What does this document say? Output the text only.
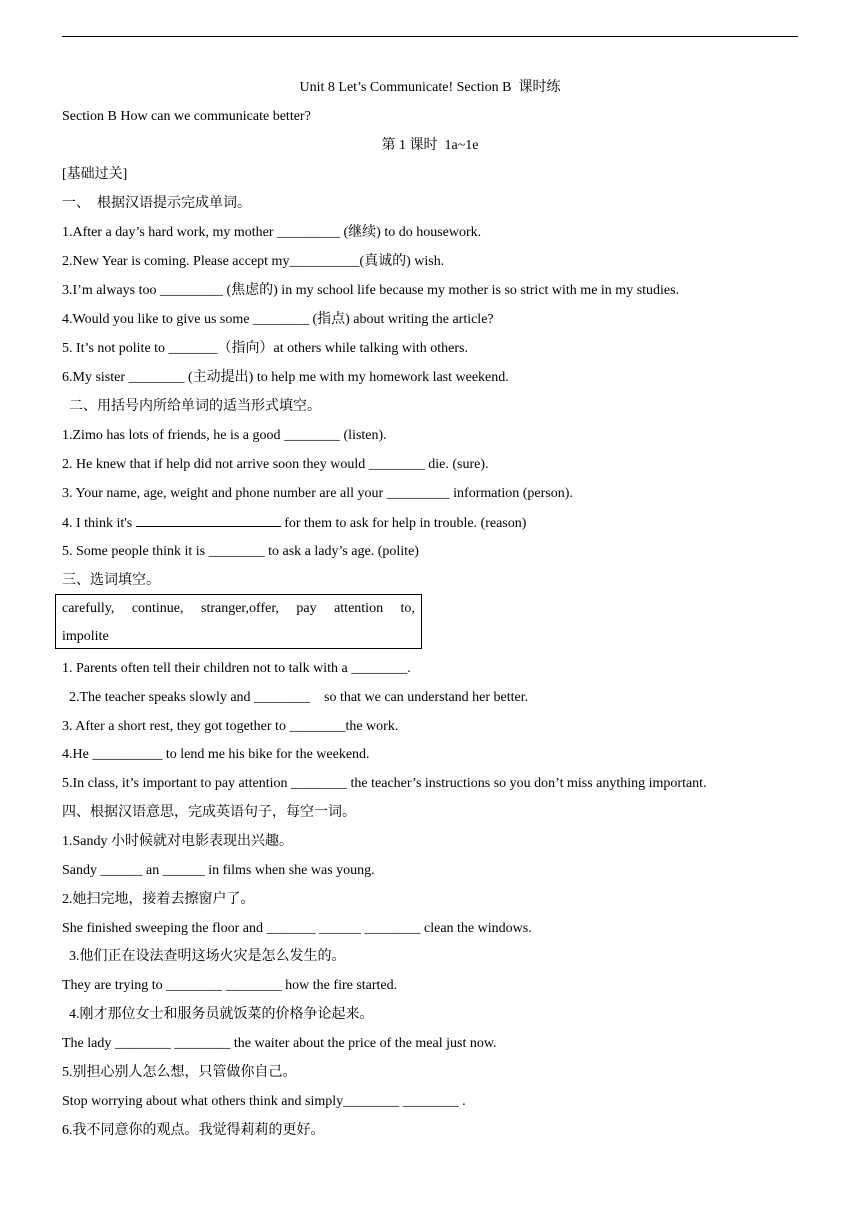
Unit 8 Let’s Communicate! Section B  课时练
Section B How can we communicate better?
第 1 课时  1a~1e
[基础过关]
一、  根据汉语提示完成单词。
1.After a day’s hard work, my mother _________ (继续) to do housework.
2.New Year is coming. Please accept my__________(真诚的) wish.
3.I’m always too _________ (焦虑的) in my school life because my mother is so strict with me in my studies.
4.Would you like to give us some ________ (指点) about writing the article?
5. It’s not polite to _______（指向）at others while talking with others.
6.My sister ________ (主动提出) to help me with my homework last weekend.
二、用括号内所给单词的适当形式填空。
1.Zimo has lots of friends, he is a good ________ (listen).
2. He knew that if help did not arrive soon they would ________ die. (sure).
3. Your name, age, weight and phone number are all your _________ information (person).
4. I think it's	for them to ask for help in trouble. (reason)
5. Some people think it is ________ to ask a lady’s age. (polite)
三、选词填空。
carefully, continue, stranger,offer, pay attention to,
impolite
1. Parents often tell their children not to talk with a ________.
2.The teacher speaks slowly and ________    so that we can understand her better.
3. After a short rest, they got together to ________the work.
4.He __________ to lend me his bike for the weekend.
5.In class, it’s important to pay attention ________ the teacher’s instructions so you don’t miss anything important.
四、根据汉语意思，完成英语句子，每空一词。
1.Sandy 小时候就对电影表现出兴趣。
Sandy ______ an ______ in films when she was young.
2.她扫完地，接着去擦窗户了。
She finished sweeping the floor and _______ ______ ________ clean the windows.
3.他们正在设法查明这场火灾是怎么发生的。
They are trying to ________ ________ how the fire started.
4.刚才那位女士和服务员就饭菜的价格争论起来。
The lady ________ ________ the waiter about the price of the meal just now.
5.别担心别人怎么想，只管做你自己。
Stop worrying about what others think and simply________ ________ .
6.我不同意你的观点。我觉得莉莉的更好。
